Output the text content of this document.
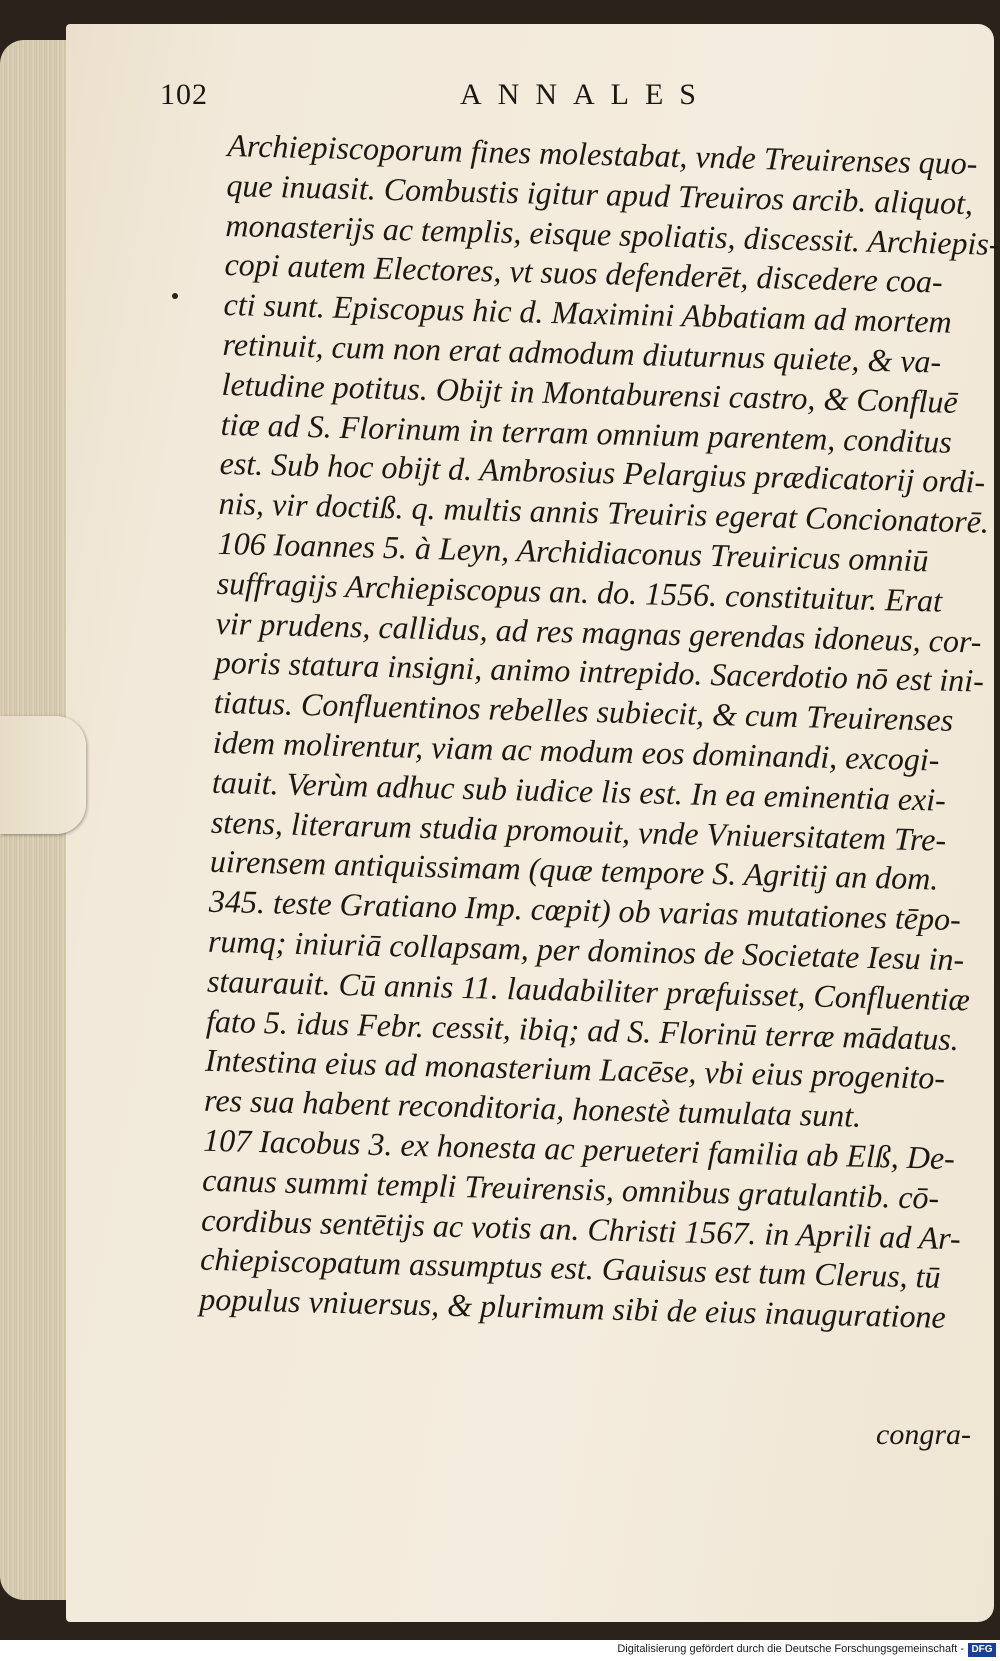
102	ANNALES
Archiepiscoporum fines molestabat, vnde Treuirenses quo-
que inuasit. Combustis igitur apud Treuiros arcib. aliquot,
monasterijs ac templis, eisque spoliatis, discessit. Archiepis-
copi autem Electores, vt suos defenderēt, discedere coa-
cti sunt. Episcopus hic d. Maximini Abbatiam ad mortem
retinuit, cum non erat admodum diuturnus quiete, & va-
letudine potitus. Obijt in Montaburensi castro, & Confluē
tiæ ad S. Florinum in terram omnium parentem, conditus
est. Sub hoc obijt d. Ambrosius Pelargius prædicatorij ordi-
nis, vir doctiß. q. multis annis Treuiris egerat Concionatorē.
106 Ioannes 5. à Leyn, Archidiaconus Treuiricus omniū
suffragijs Archiepiscopus an. do. 1556. constituitur. Erat
vir prudens, callidus, ad res magnas gerendas idoneus, cor-
poris statura insigni, animo intrepido. Sacerdotio nō est ini-
tiatus. Confluentinos rebelles subiecit, & cum Treuirenses
idem molirentur, viam ac modum eos dominandi, excogi-
tauit. Verùm adhuc sub iudice lis est. In ea eminentia exi-
stens, literarum studia promouit, vnde Vniuersitatem Tre-
uirensem antiquissimam (quæ tempore S. Agritij an dom.
345. teste Gratiano Imp. cœpit) ob varias mutationes tēpo-
rumq; iniuriā collapsam, per dominos de Societate Iesu in-
staurauit. Cū annis 11. laudabiliter præfuisset, Confluentiæ
fato 5. idus Febr. cessit, ibiq; ad S. Florinū terræ mādatus.
Intestina eius ad monasterium Lacēse, vbi eius progenito-
res sua habent reconditoria, honestè tumulata sunt.
107 Iacobus 3. ex honesta ac perueteri familia ab Elß, De-
canus summi templi Treuirensis, omnibus gratulantib. cō-
cordibus sentētijs ac votis an. Christi 1567. in Aprili ad Ar-
chiepiscopatum assumptus est. Gauisus est tum Clerus, tū
populus vniuersus, & plurimum sibi de eius inauguratione
congra-
Digitalisierung gefördert durch die Deutsche Forschungsgemeinschaft - DFG
